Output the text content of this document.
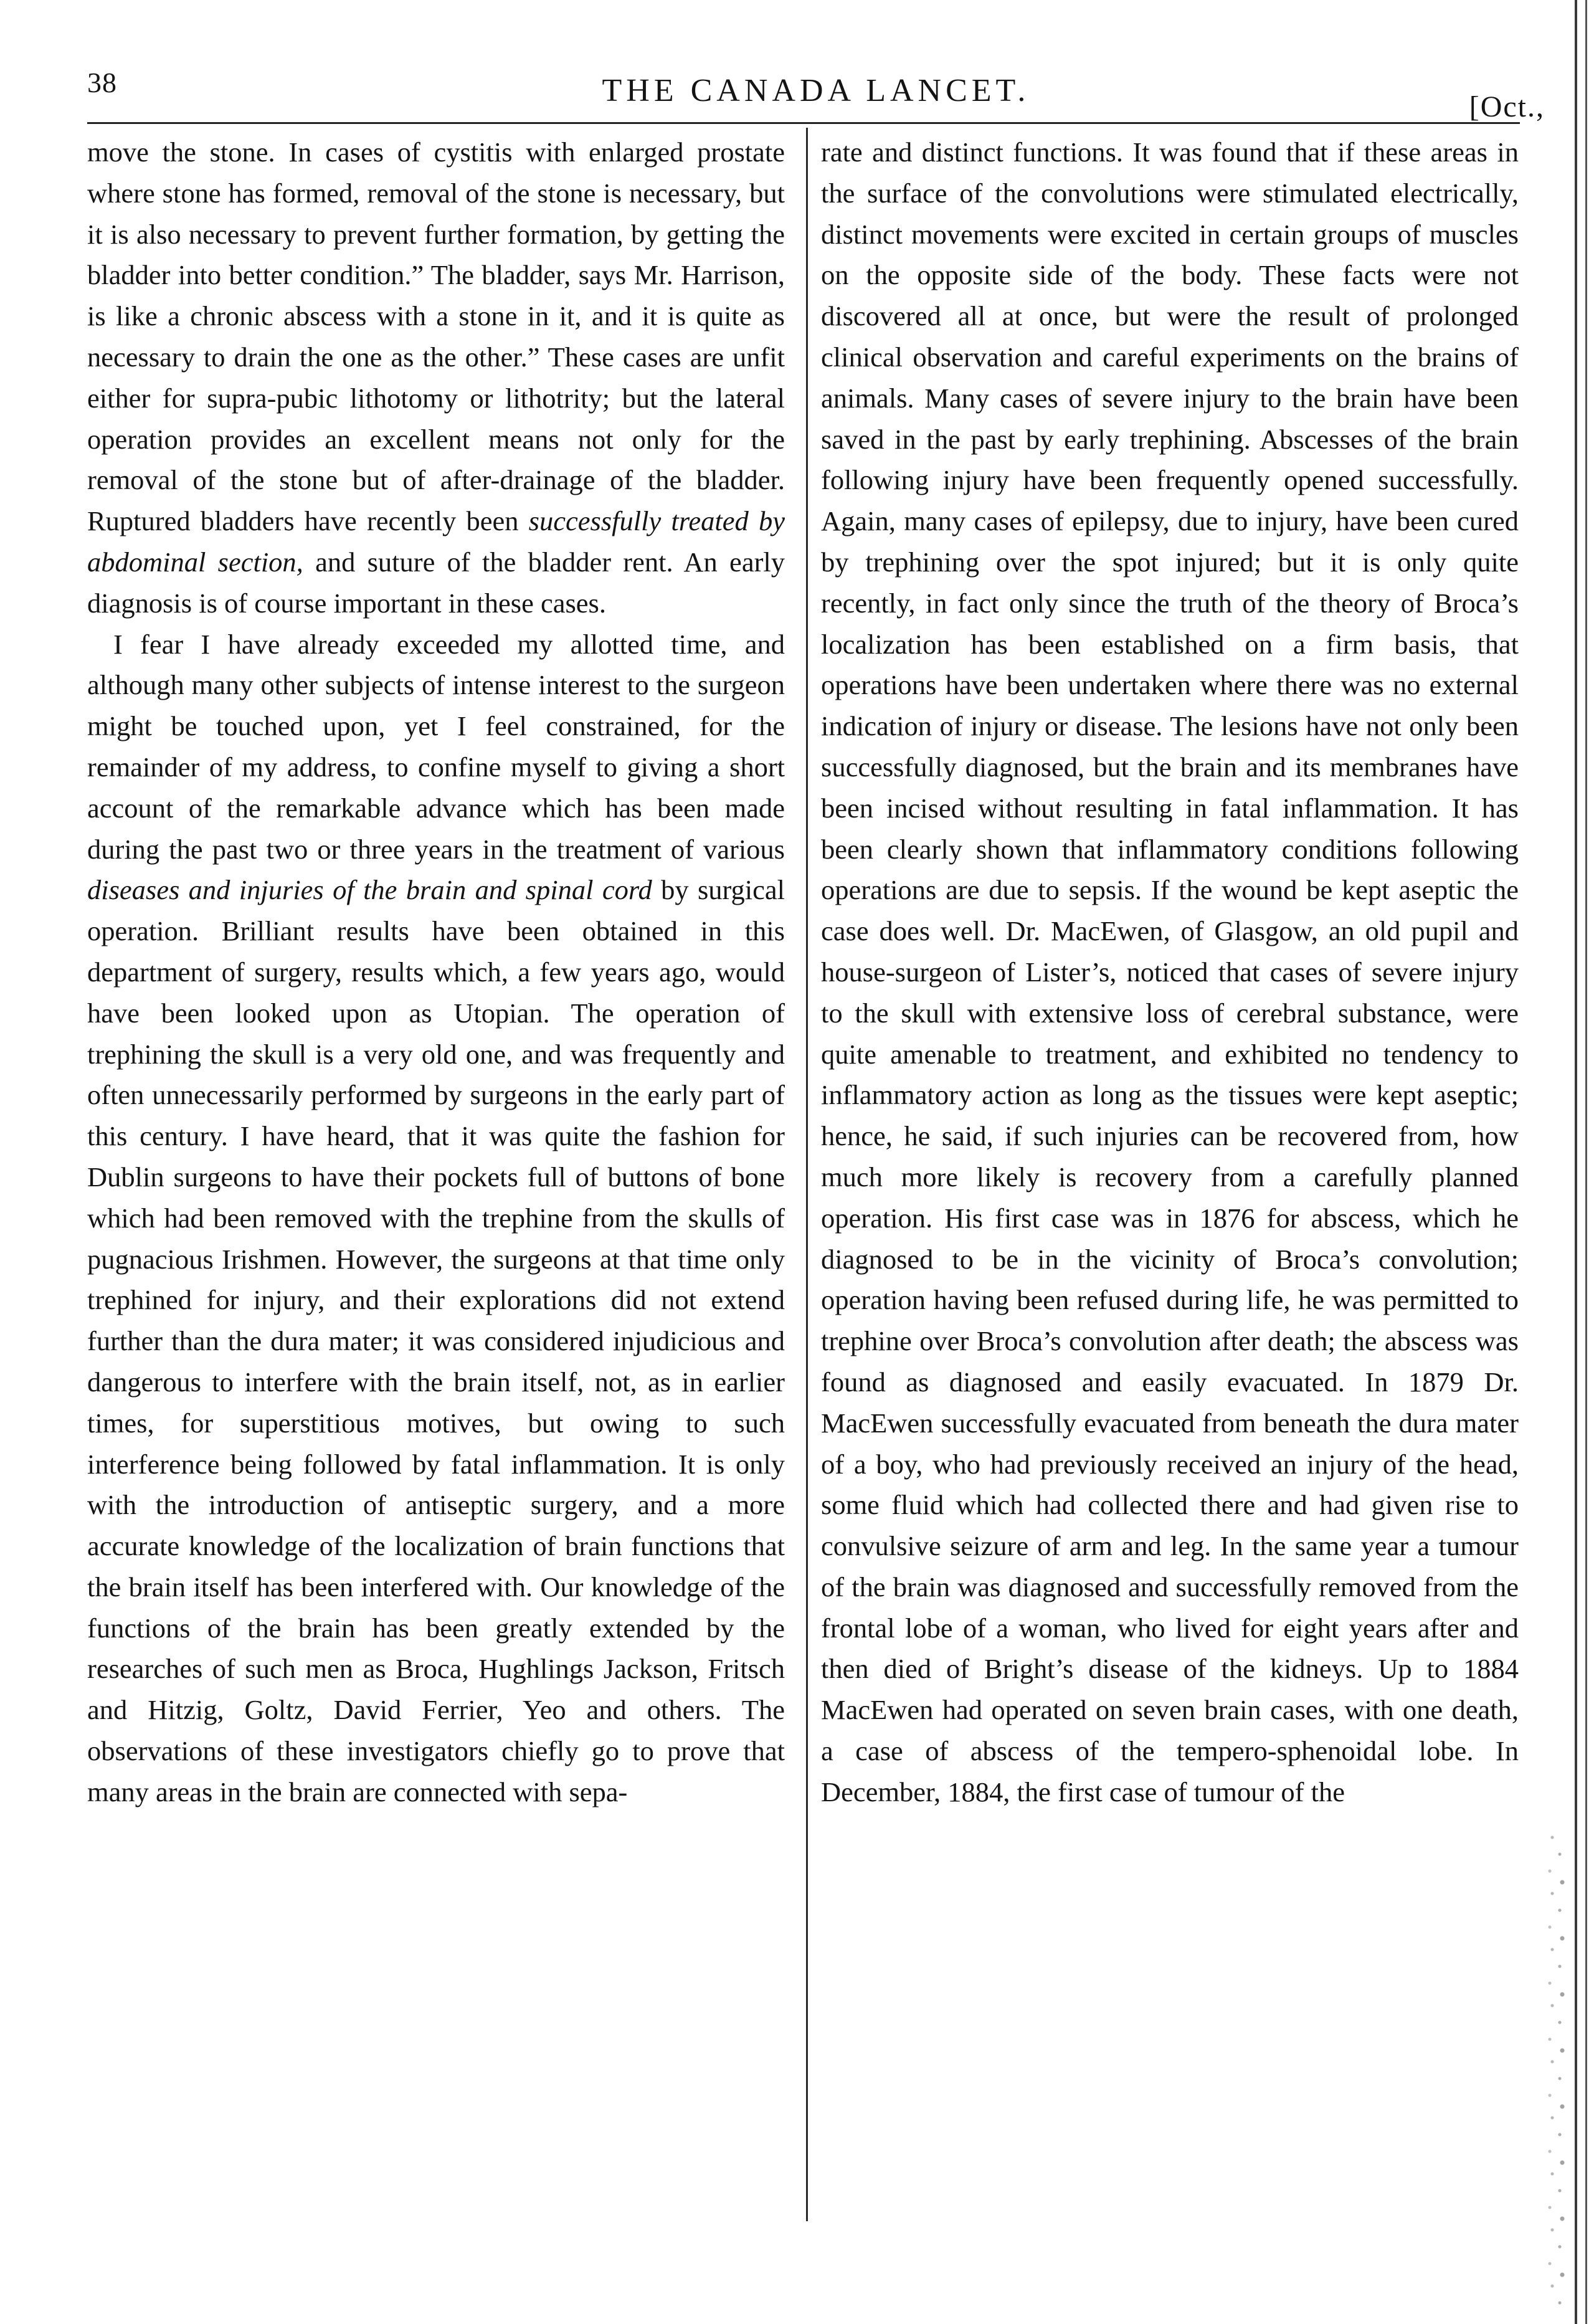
38	THE CANADA LANCET.	[Oct.,

move the stone. In cases of cystitis with enlarged prostate where stone has formed, removal of the stone is necessary, but it is also necessary to prevent further formation, by getting the bladder into better condition.” The bladder, says Mr. Harrison, is like a chronic abscess with a stone in it, and it is quite as necessary to drain the one as the other.” These cases are unfit either for supra-pubic lithotomy or lithotrity; but the lateral operation provides an excellent means not only for the removal of the stone but of after-drainage of the bladder. Ruptured bladders have recently been successfully treated by abdominal section, and suture of the bladder rent. An early diagnosis is of course important in these cases.

I fear I have already exceeded my allotted time, and although many other subjects of intense interest to the surgeon might be touched upon, yet I feel constrained, for the remainder of my address, to confine myself to giving a short account of the remarkable advance which has been made during the past two or three years in the treatment of various diseases and injuries of the brain and spinal cord by surgical operation. Brilliant results have been obtained in this department of surgery, results which, a few years ago, would have been looked upon as Utopian. The operation of trephining the skull is a very old one, and was frequently and often unnecessarily performed by surgeons in the early part of this century. I have heard, that it was quite the fashion for Dublin surgeons to have their pockets full of buttons of bone which had been removed with the trephine from the skulls of pugnacious Irishmen. However, the surgeons at that time only trephined for injury, and their explorations did not extend further than the dura mater; it was considered injudicious and dangerous to interfere with the brain itself, not, as in earlier times, for superstitious motives, but owing to such interference being followed by fatal inflammation. It is only with the introduction of antiseptic surgery, and a more accurate knowledge of the localization of brain functions that the brain itself has been interfered with. Our knowledge of the functions of the brain has been greatly extended by the researches of such men as Broca, Hughlings Jackson, Fritsch and Hitzig, Goltz, David Ferrier, Yeo and others. The observations of these investigators chiefly go to prove that many areas in the brain are connected with sepa-

rate and distinct functions. It was found that if these areas in the surface of the convolutions were stimulated electrically, distinct movements were excited in certain groups of muscles on the opposite side of the body. These facts were not discovered all at once, but were the result of prolonged clinical observation and careful experiments on the brains of animals. Many cases of severe injury to the brain have been saved in the past by early trephining. Abscesses of the brain following injury have been frequently opened successfully. Again, many cases of epilepsy, due to injury, have been cured by trephining over the spot injured; but it is only quite recently, in fact only since the truth of the theory of Broca’s localization has been established on a firm basis, that operations have been undertaken where there was no external indication of injury or disease. The lesions have not only been successfully diagnosed, but the brain and its membranes have been incised without resulting in fatal inflammation. It has been clearly shown that inflammatory conditions following operations are due to sepsis. If the wound be kept aseptic the case does well. Dr. MacEwen, of Glasgow, an old pupil and house-surgeon of Lister’s, noticed that cases of severe injury to the skull with extensive loss of cerebral substance, were quite amenable to treatment, and exhibited no tendency to inflammatory action as long as the tissues were kept aseptic; hence, he said, if such injuries can be recovered from, how much more likely is recovery from a carefully planned operation. His first case was in 1876 for abscess, which he diagnosed to be in the vicinity of Broca’s convolution; operation having been refused during life, he was permitted to trephine over Broca’s convolution after death; the abscess was found as diagnosed and easily evacuated. In 1879 Dr. MacEwen successfully evacuated from beneath the dura mater of a boy, who had previously received an injury of the head, some fluid which had collected there and had given rise to convulsive seizure of arm and leg. In the same year a tumour of the brain was diagnosed and successfully removed from the frontal lobe of a woman, who lived for eight years after and then died of Bright’s disease of the kidneys. Up to 1884 MacEwen had operated on seven brain cases, with one death, a case of abscess of the tempero-sphenoidal lobe. In December, 1884, the first case of tumour of the
